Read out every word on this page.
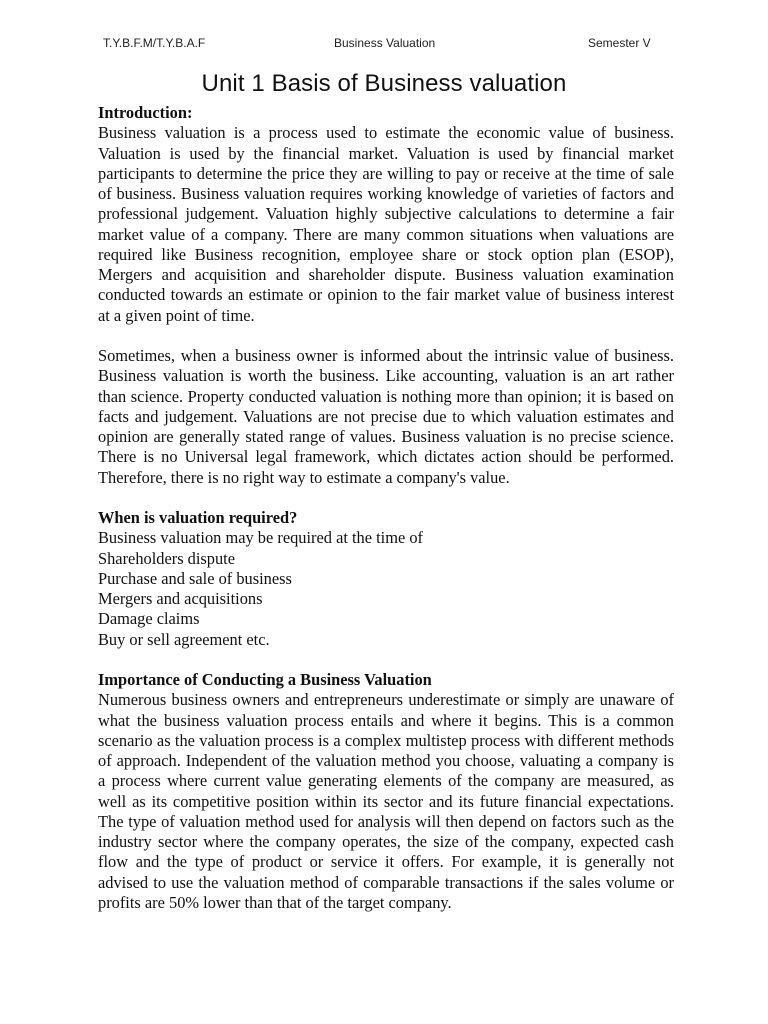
T.Y.B.F.M/T.Y.B.A.F	Business Valuation	Semester V
Unit 1 Basis of Business valuation

Introduction:

Business valuation is a process used to estimate the economic value of business. Valuation is used by the financial market. Valuation is used by financial market participants to determine the price they are willing to pay or receive at the time of sale of business. Business valuation requires working knowledge of varieties of factors and professional judgement. Valuation highly subjective calculations to determine a fair market value of a company. There are many common situations when valuations are required like Business recognition, employee share or stock option plan (ESOP), Mergers and acquisition and shareholder dispute. Business valuation examination conducted towards an estimate or opinion to the fair market value of business interest at a given point of time.

Sometimes, when a business owner is informed about the intrinsic value of business. Business valuation is worth the business. Like accounting, valuation is an art rather than science. Property conducted valuation is nothing more than opinion; it is based on facts and judgement. Valuations are not precise due to which valuation estimates and opinion are generally stated range of values. Business valuation is no precise science. There is no Universal legal framework, which dictates action should be performed. Therefore, there is no right way to estimate a company's value.

When is valuation required?

Business valuation may be required at the time of

Shareholders dispute

Purchase and sale of business

Mergers and acquisitions

Damage claims

Buy or sell agreement etc.

Importance of Conducting a Business Valuation

Numerous business owners and entrepreneurs underestimate or simply are unaware of what the business valuation process entails and where it begins. This is a common scenario as the valuation process is a complex multistep process with different methods of approach. Independent of the valuation method you choose, valuating a company is a process where current value generating elements of the company are measured, as well as its competitive position within its sector and its future financial expectations. The type of valuation method used for analysis will then depend on factors such as the industry sector where the company operates, the size of the company, expected cash flow and the type of product or service it offers. For example, it is generally not advised to use the valuation method of comparable transactions if the sales volume or profits are 50% lower than that of the target company.
